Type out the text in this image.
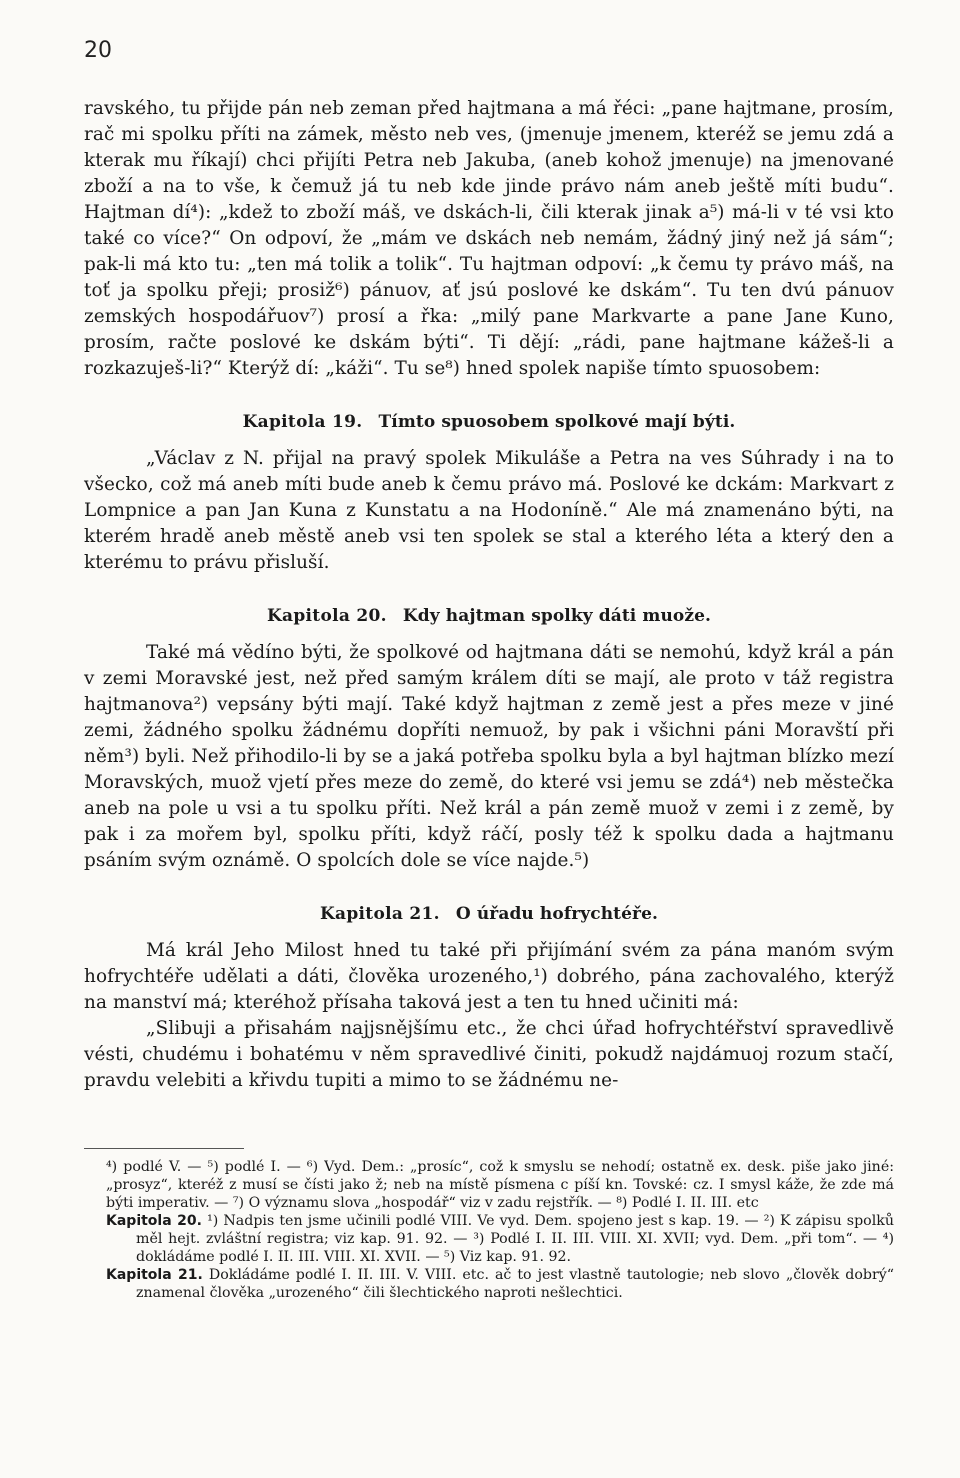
20

ravského, tu přijde pán neb zeman před hajtmana a má řéci: „pane hajtmane, prosím, rač mi spolku příti na zámek, město neb ves, (jmenuje jmenem, kteréž se jemu zdá a kterak mu říkají) chci přijíti Petra neb Jakuba, (aneb kohož jmenuje) na jmenované zboží a na to vše, k čemuž já tu neb kde jinde právo nám aneb ještě míti budu“. Hajtman dí⁴): „kdež to zboží máš, ve dskách-li, čili kterak jinak a⁵) má-li v té vsi kto také co více?“ On odpoví, že „mám ve dskách neb nemám, žádný jiný než já sám“; pak-li má kto tu: „ten má tolik a tolik“. Tu hajtman odpoví: „k čemu ty právo máš, na toť ja spolku přeji; prosiž⁶) pánuov, ať jsú poslové ke dskám“. Tu ten dvú pánuov zemských hospodářuov⁷) prosí a řka: „milý pane Markvarte a pane Jane Kuno, prosím, račte poslové ke dskám býti“. Ti dějí: „rádi, pane hajtmane kážeš-li a rozkazuješ-li?“ Kterýž dí: „káži“. Tu se⁸) hned spolek napiše tímto spuosobem:

Kapitola 19. Tímto spuosobem spolkové mají býti.

„Václav z N. přijal na pravý spolek Mikuláše a Petra na ves Súhrady i na to všecko, což má aneb míti bude aneb k čemu právo má. Poslové ke dckám: Markvart z Lompnice a pan Jan Kuna z Kunstatu a na Hodoníně.“ Ale má znamenáno býti, na kterém hradě aneb městě aneb vsi ten spolek se stal a kterého léta a který den a kterému to právu přisluší.

Kapitola 20. Kdy hajtman spolky dáti muože.

Také má vědíno býti, že spolkové od hajtmana dáti se nemohú, když král a pán v zemi Moravské jest, než před samým králem díti se mají, ale proto v táž registra hajtmanova²) vepsány býti mají. Také když hajtman z země jest a přes meze v jiné zemi, žádného spolku žádnému dopříti nemuož, by pak i všichni páni Moravští při něm³) byli. Než přihodilo-li by se a jaká potřeba spolku byla a byl hajtman blízko mezí Moravských, muož vjetí přes meze do země, do které vsi jemu se zdá⁴) neb městečka aneb na pole u vsi a tu spolku příti. Než král a pán země muož v zemi i z země, by pak i za mořem byl, spolku příti, když ráčí, posly též k spolku dada a hajtmanu psáním svým oznámě. O spolcích dole se více najde.⁵)

Kapitola 21. O úřadu hofrychtéře.

Má král Jeho Milost hned tu také při přijímání svém za pána manóm svým hofrychtéře udělati a dáti, člověka urozeného,¹) dobrého, pána zachovalého, kterýž na manství má; kteréhož přísaha taková jest a ten tu hned učiniti má:

„Slibuji a přisahám najjsnějšímu etc., že chci úřad hofrychtéřství spravedlivě vésti, chudému i bohatému v něm spravedlivé činiti, pokudž najdámuoj rozum stačí, pravdu velebiti a křivdu tupiti a mimo to se žádnému ne-

⁴) podlé V. — ⁵) podlé I. — ⁶) Vyd. Dem.: „prosíc“, což k smyslu se nehodí; ostatně ex. desk. piše jako jiné: „prosyz“, kteréž z musí se čísti jako ž; neb na místě písmena c píší kn. Tovské: cz. I smysl káže, že zde má býti imperativ. — ⁷) O významu slova „hospodář“ viz v zadu rejstřík. — ⁸) Podlé I. II. III. etc

Kapitola 20. ¹) Nadpis ten jsme učinili podlé VIII. Ve vyd. Dem. spojeno jest s kap. 19. — ²) K zápisu spolků měl hejt. zvláštní registra; viz kap. 91. 92. — ³) Podlé I. II. III. VIII. XI. XVII; vyd. Dem. „při tom“. — ⁴) dokládáme podlé I. II. III. VIII. XI. XVII. — ⁵) Viz kap. 91. 92.

Kapitola 21. Dokládáme podlé I. II. III. V. VIII. etc. ač to jest vlastně tautologie; neb slovo „člověk dobrý“ znamenal člověka „urozeného“ čili šlechtického naproti nešlechtici.
